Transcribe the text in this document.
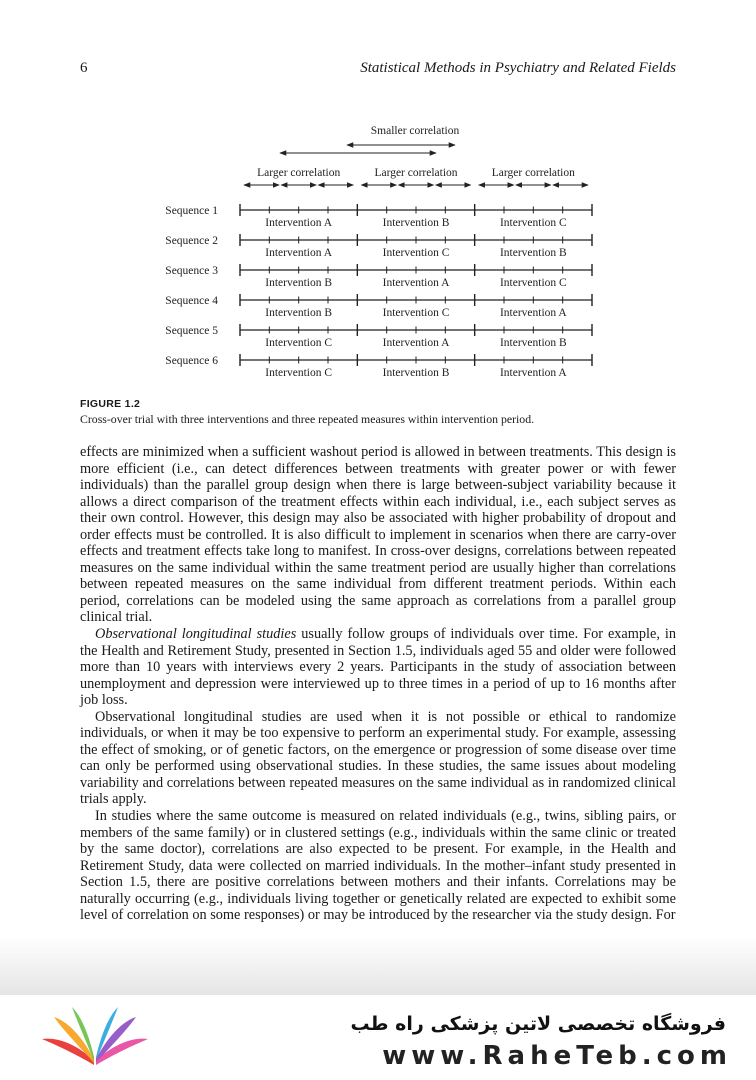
6	Statistical Methods in Psychiatry and Related Fields
Smaller correlation
Larger correlation	Larger correlation	Larger correlation
Sequence 1
Intervention A	Intervention B	Intervention C
Sequence 2
Intervention A	Intervention C	Intervention B
Sequence 3
Intervention B	Intervention A	Intervention C
Sequence 4
Intervention B	Intervention C	Intervention A
Sequence 5
Intervention C	Intervention A	Intervention B
Sequence 6
Intervention C	Intervention B	Intervention A
FIGURE 1.2
Cross-over trial with three interventions and three repeated measures within intervention period.

effects are minimized when a sufficient washout period is allowed in between treatments. This design is more efficient (i.e., can detect differences between treatments with greater power or with fewer individuals) than the parallel group design when there is large between-subject variability because it allows a direct comparison of the treatment effects within each individual, i.e., each subject serves as their own control. However, this design may also be associated with higher probability of dropout and order effects must be controlled. It is also difficult to implement in scenarios when there are carry-over effects and treatment effects take long to manifest. In cross-over designs, correlations between repeated measures on the same individual within the same treatment period are usually higher than correlations between repeated measures on the same individual from different treatment periods. Within each period, correlations can be modeled using the same approach as correlations from a parallel group clinical trial.

Observational longitudinal studies usually follow groups of individuals over time. For example, in the Health and Retirement Study, presented in Section 1.5, individuals aged 55 and older were followed more than 10 years with interviews every 2 years. Participants in the study of association between unemployment and depression were interviewed up to three times in a period of up to 16 months after job loss.

Observational longitudinal studies are used when it is not possible or ethical to randomize individuals, or when it may be too expensive to perform an experimental study. For example, assessing the effect of smoking, or of genetic factors, on the emergence or progression of some disease over time can only be performed using observational studies. In these studies, the same issues about modeling variability and correlations between repeated measures on the same individual as in randomized clinical trials apply.

In studies where the same outcome is measured on related individuals (e.g., twins, sibling pairs, or members of the same family) or in clustered settings (e.g., individuals within the same clinic or treated by the same doctor), correlations are also expected to be present. For example, in the Health and Retirement Study, data were collected on married individuals. In the mother–infant study presented in Section 1.5, there are positive correlations between mothers and their infants. Correlations may be naturally occurring (e.g., individuals living together or genetically related are expected to exhibit some level of correlation on some responses) or may be introduced by the researcher via the study design. For

فروشگاه تخصصی لاتین پزشکی راه طب
www.RaheTeb.com
